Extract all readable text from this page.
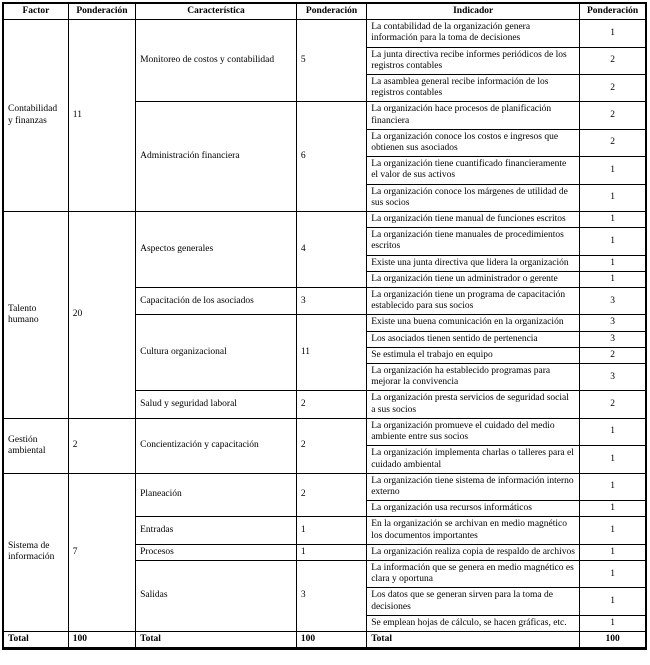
Factor	Ponderación	Característica	Ponderación	Indicador	Ponderación
Contabilidad y finanzas	11	Monitoreo de costos y contabilidad	5	La contabilidad de la organización genera información para la toma de decisiones	1
				La junta directiva recibe informes periódicos de los registros contables	2
				La asamblea general recibe información de los registros contables	2
		Administración financiera	6	La organización hace procesos de planificación financiera	2
				La organización conoce los costos e ingresos que obtienen sus asociados	2
				La organización tiene cuantificado financieramente el valor de sus activos	1
				La organización conoce los márgenes de utilidad de sus socios	1
Talento humano	20	Aspectos generales	4	La organización tiene manual de funciones escritos	1
				La organización tiene manuales de procedimientos escritos	1
				Existe una junta directiva que lidera la organización	1
				La organización tiene un administrador o gerente	1
		Capacitación de los asociados	3	La organización tiene un programa de capacitación establecido para sus socios	3
		Cultura organizacional	11	Existe una buena comunicación en la organización	3
				Los asociados tienen sentido de pertenencia	3
				Se estimula el trabajo en equipo	2
				La organización ha establecido programas para mejorar la convivencia	3
		Salud y seguridad laboral	2	La organización presta servicios de seguridad social a sus socios	2
Gestión ambiental	2	Concientización y capacitación	2	La organización promueve el cuidado del medio ambiente entre sus socios	1
				La organización implementa charlas o talleres para el cuidado ambiental	1
Sistema de información	7	Planeación	2	La organización tiene sistema de información interno externo	1
				La organización usa recursos informáticos	1
		Entradas	1	En la organización se archivan en medio magnético los documentos importantes	1
		Procesos	1	La organización realiza copia de respaldo de archivos	1
		Salidas	3	La información que se genera en medio magnético es clara y oportuna	1
				Los datos que se generan sirven para la toma de decisiones	1
				Se emplean hojas de cálculo, se hacen gráficas, etc.	1
Total	100	Total	100	Total	100
